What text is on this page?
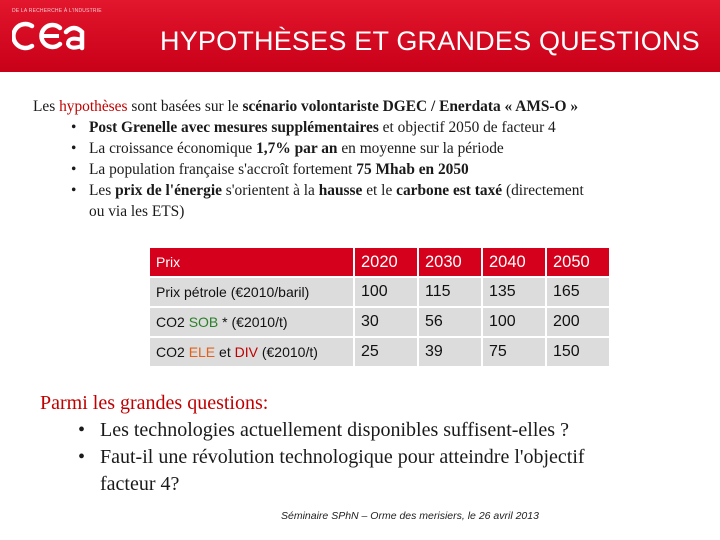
DE LA RECHERCHE À L'INDUSTRIE
HYPOTHÈSES ET GRANDES QUESTIONS
Les hypothèses sont basées sur le scénario volontariste DGEC / Enerdata « AMS-O »
• Post Grenelle avec mesures supplémentaires et objectif 2050 de facteur 4
• La croissance économique 1,7% par an en moyenne sur la période
• La population française s'accroît fortement 75 Mhab en 2050
• Les prix de l'énergie s'orientent à la hausse et le carbone est taxé (directement
ou via les ETS)
Prix	2020	2030	2040	2050
Prix pétrole (€2010/baril)	100	115	135	165
CO2 SOB * (€2010/t)	30	56	100	200
CO2 ELE et DIV (€2010/t)	25	39	75	150
Parmi les grandes questions:
• Les technologies actuellement disponibles suffisent-elles ?
• Faut-il une révolution technologique pour atteindre l'objectif
facteur 4?
Séminaire SPhN – Orme des merisiers, le 26 avril 2013
